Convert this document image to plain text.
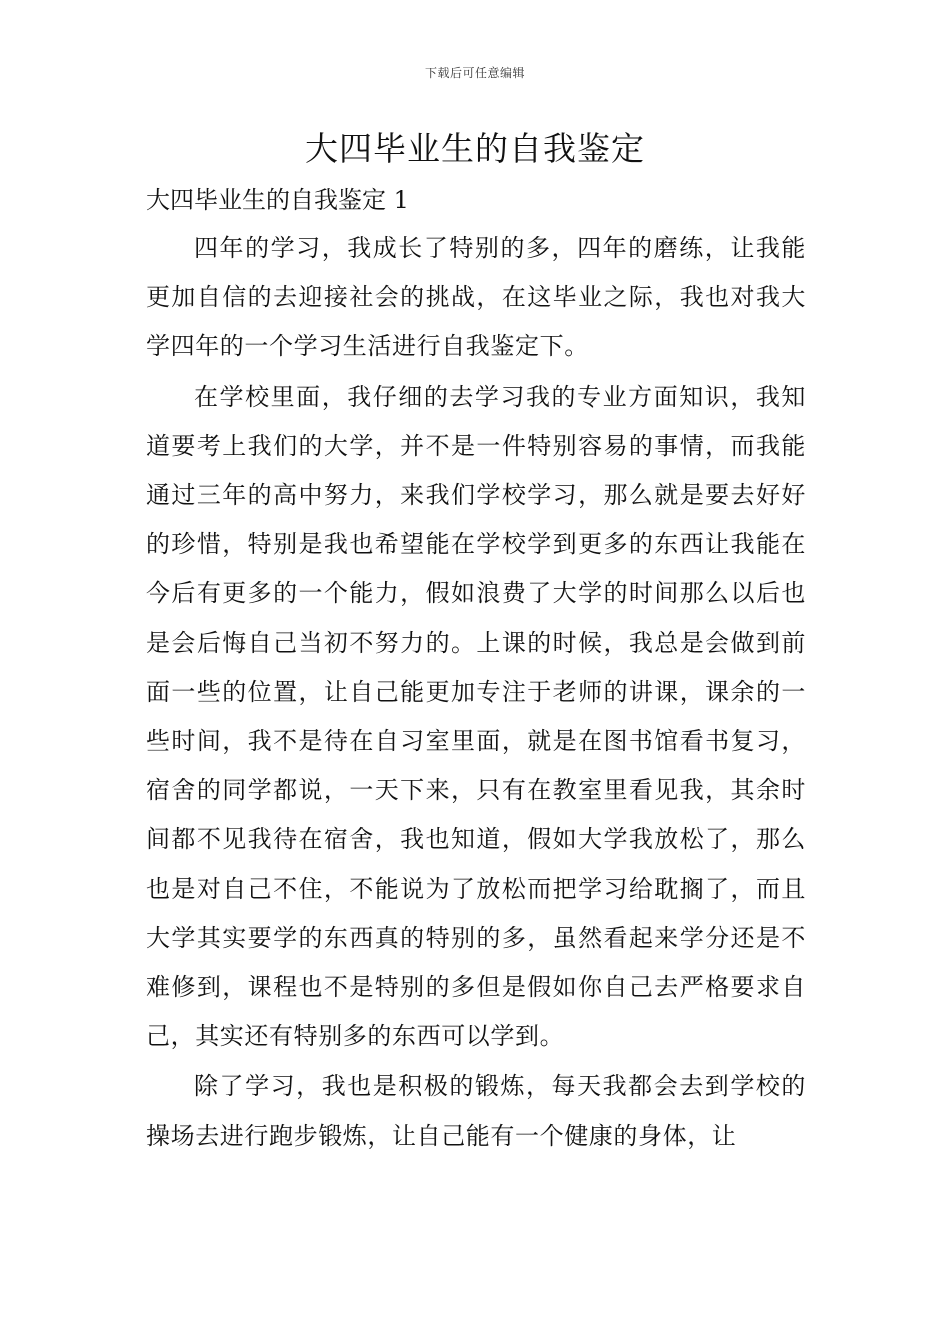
下载后可任意编辑
大四毕业生的自我鉴定
大四毕业生的自我鉴定 1

四年的学习，我成长了特别的多，四年的磨练，让我能更加自信的去迎接社会的挑战，在这毕业之际，我也对我大学四年的一个学习生活进行自我鉴定下。

在学校里面，我仔细的去学习我的专业方面知识，我知道要考上我们的大学，并不是一件特别容易的事情，而我能通过三年的高中努力，来我们学校学习，那么就是要去好好的珍惜，特别是我也希望能在学校学到更多的东西让我能在今后有更多的一个能力，假如浪费了大学的时间那么以后也是会后悔自己当初不努力的。上课的时候，我总是会做到前面一些的位置，让自己能更加专注于老师的讲课，课余的一些时间，我不是待在自习室里面，就是在图书馆看书复习，宿舍的同学都说，一天下来，只有在教室里看见我，其余时间都不见我待在宿舍，我也知道，假如大学我放松了，那么也是对自己不住，不能说为了放松而把学习给耽搁了，而且大学其实要学的东西真的特别的多，虽然看起来学分还是不难修到，课程也不是特别的多但是假如你自己去严格要求自己，其实还有特别多的东西可以学到。

除了学习，我也是积极的锻炼，每天我都会去到学校的操场去进行跑步锻炼，让自己能有一个健康的身体，让
